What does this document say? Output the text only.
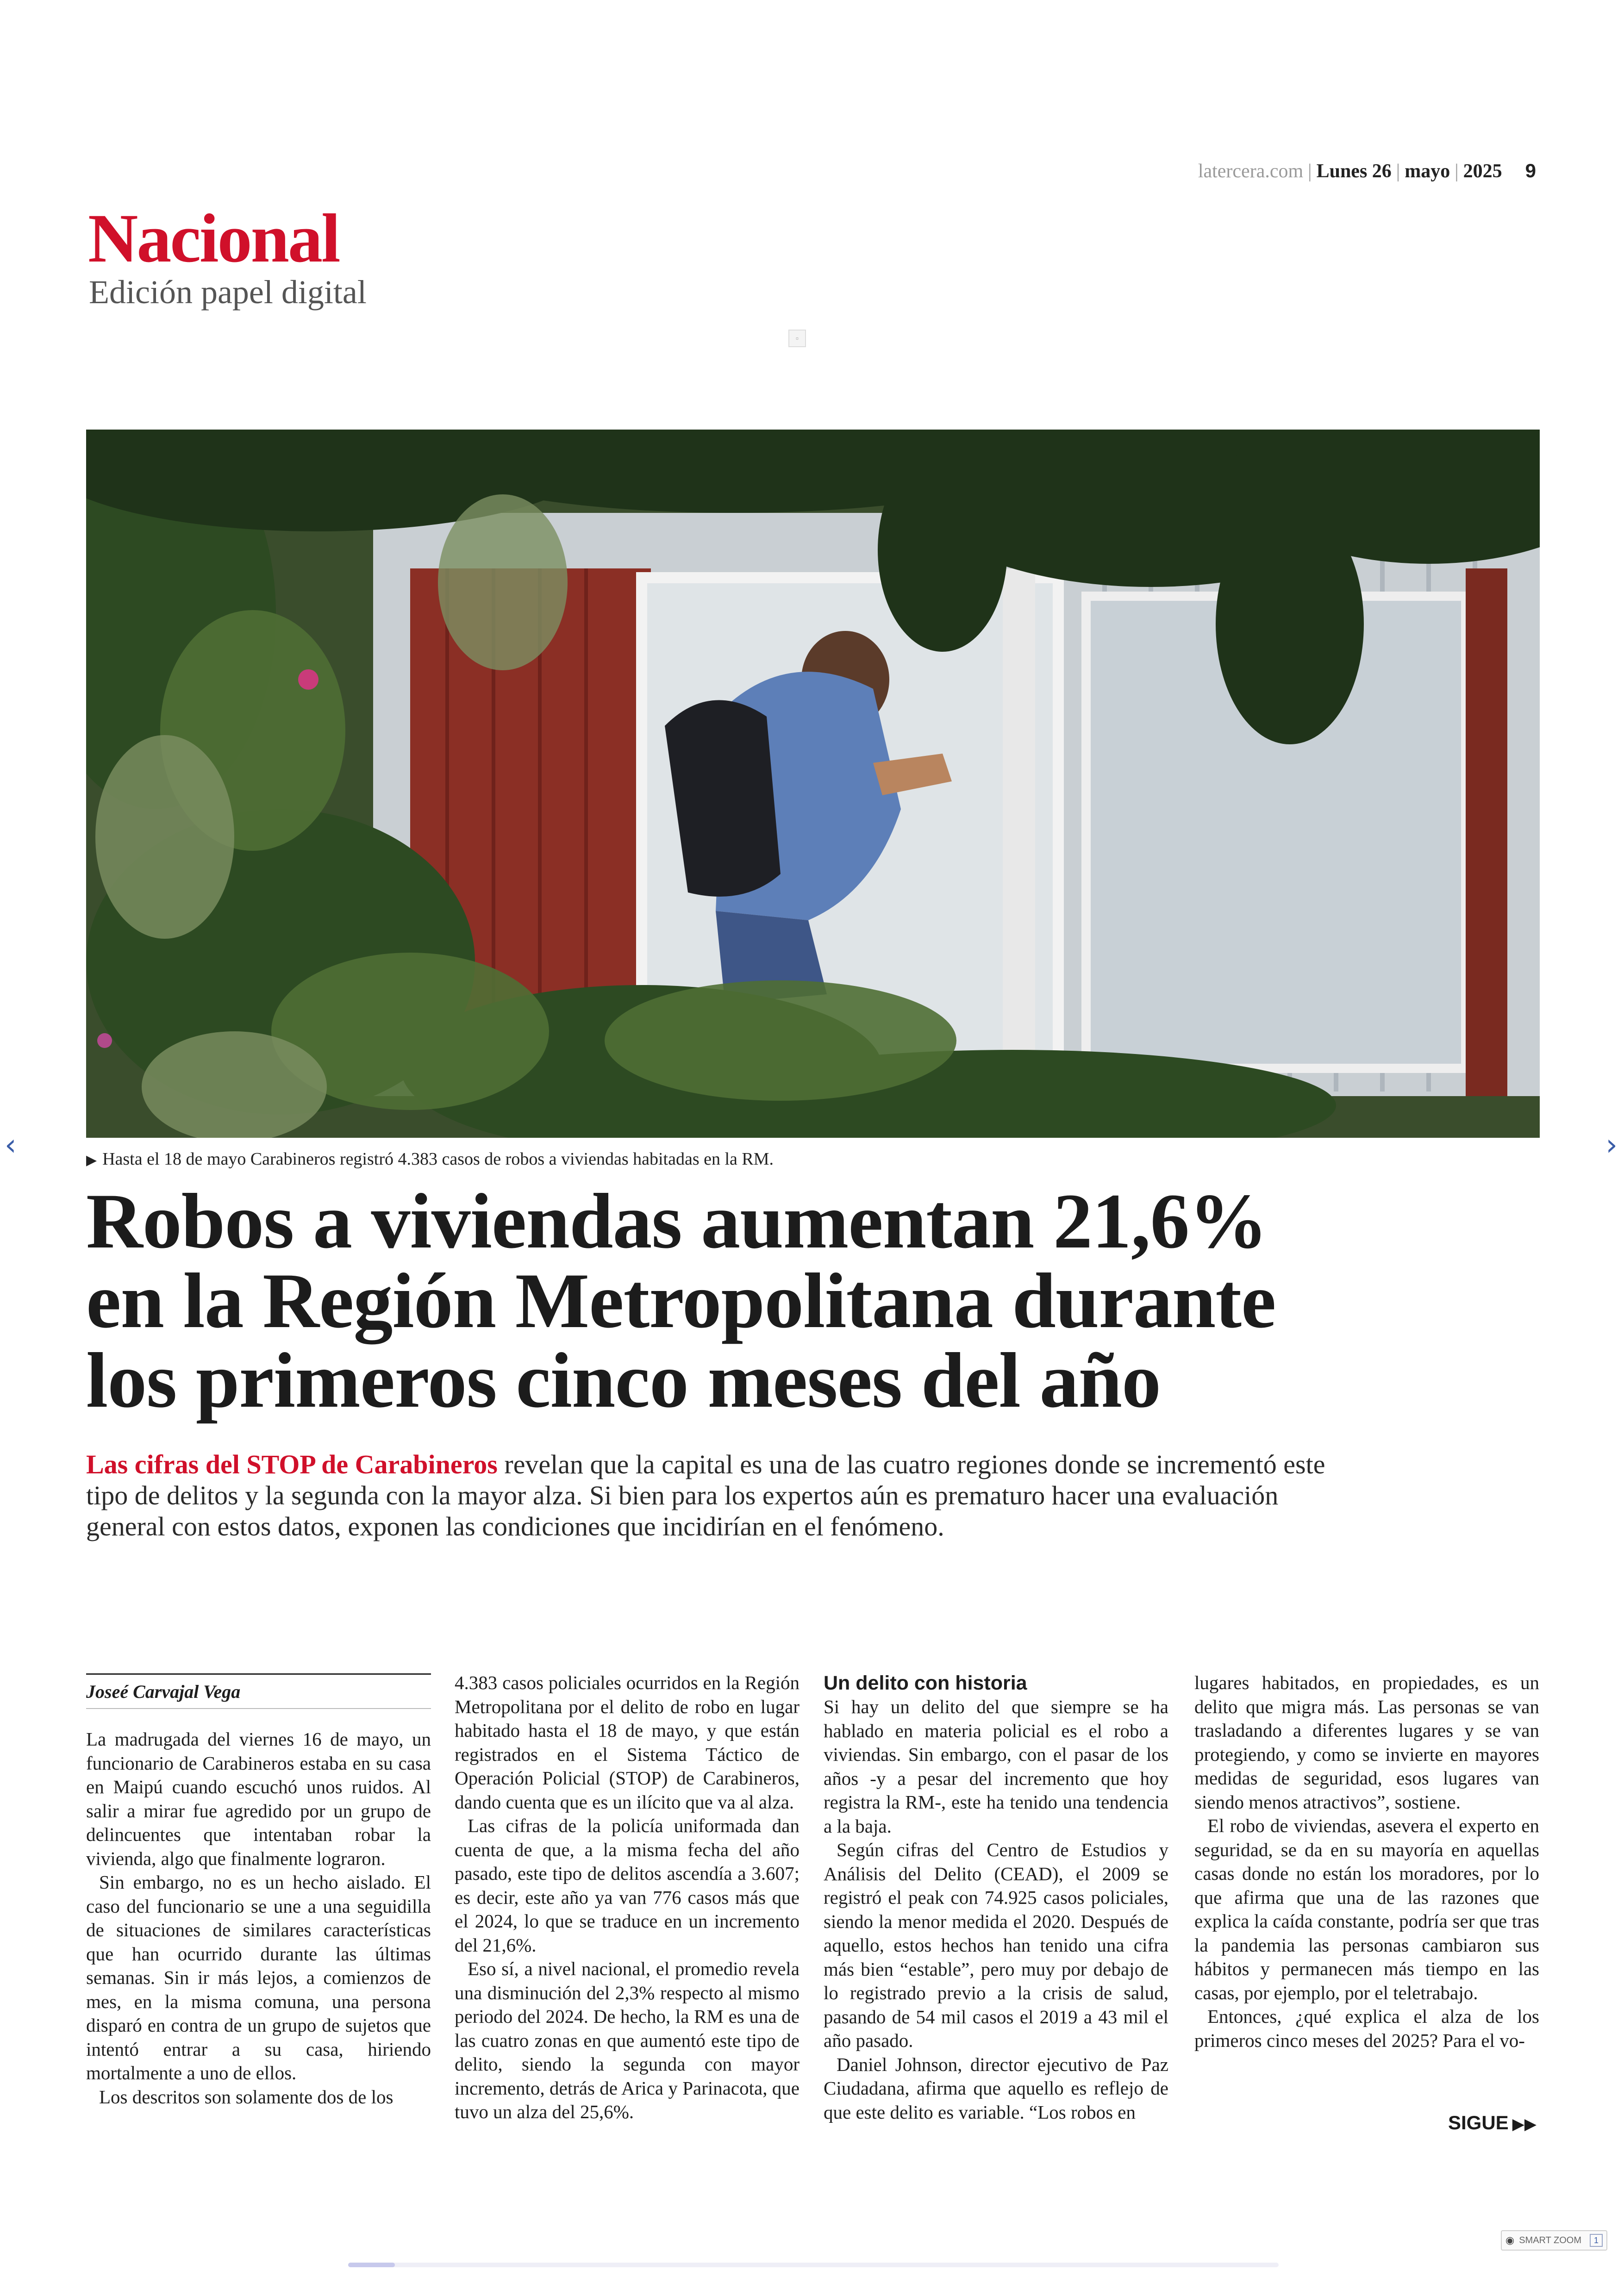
latercera.com | Lunes 26 | mayo | 2025 9
Nacional
Edición papel digital
▫
▶ Hasta el 18 de mayo Carabineros registró 4.383 casos de robos a viviendas habitadas en la RM.
‹	›
Robos a viviendas aumentan 21,6%
en la Región Metropolitana durante
los primeros cinco meses del año

Las cifras del STOP de Carabineros revelan que la capital es una de las cuatro regiones donde se incrementó este tipo de delitos y la segunda con la mayor alza. Si bien para los expertos aún es prematuro hacer una evaluación general con estos datos, exponen las condiciones que incidirían en el fenómeno.

Joseé Carvajal Vega

La madrugada del viernes 16 de mayo, un funcionario de Carabineros estaba en su casa en Maipú cuando escuchó unos ruidos. Al salir a mirar fue agredido por un grupo de delincuentes que intentaban robar la vivienda, algo que finalmente lograron.

Sin embargo, no es un hecho aislado. El caso del funcionario se une a una seguidilla de situaciones de similares características que han ocurrido durante las últimas semanas. Sin ir más lejos, a comienzos de mes, en la misma comuna, una persona disparó en contra de un grupo de sujetos que intentó entrar a su casa, hiriendo mortalmente a uno de ellos.

Los descritos son solamente dos de los

4.383 casos policiales ocurridos en la Región Metropolitana por el delito de robo en lugar habitado hasta el 18 de mayo, y que están registrados en el Sistema Táctico de Operación Policial (STOP) de Carabineros, dando cuenta que es un ilícito que va al alza.

Las cifras de la policía uniformada dan cuenta de que, a la misma fecha del año pasado, este tipo de delitos ascendía a 3.607; es decir, este año ya van 776 casos más que el 2024, lo que se traduce en un incremento del 21,6%.

Eso sí, a nivel nacional, el promedio revela una disminución del 2,3% respecto al mismo periodo del 2024. De hecho, la RM es una de las cuatro zonas en que aumentó este tipo de delito, siendo la segunda con mayor incremento, detrás de Arica y Parinacota, que tuvo un alza del 25,6%.

Un delito con historia

Si hay un delito del que siempre se ha hablado en materia policial es el robo a viviendas. Sin embargo, con el pasar de los años -y a pesar del incremento que hoy registra la RM-, este ha tenido una tendencia a la baja.

Según cifras del Centro de Estudios y Análisis del Delito (CEAD), el 2009 se registró el peak con 74.925 casos policiales, siendo la menor medida el 2020. Después de aquello, estos hechos han tenido una cifra más bien “estable”, pero muy por debajo de lo registrado previo a la crisis de salud, pasando de 54 mil casos el 2019 a 43 mil el año pasado.

Daniel Johnson, director ejecutivo de Paz Ciudadana, afirma que aquello es reflejo de que este delito es variable. “Los robos en

lugares habitados, en propiedades, es un delito que migra más. Las personas se van trasladando a diferentes lugares y se van protegiendo, y como se invierte en mayores medidas de seguridad, esos lugares van siendo menos atractivos”, sostiene.

El robo de viviendas, asevera el experto en seguridad, se da en su mayoría en aquellas casas donde no están los moradores, por lo que afirma que una de las razones que explica la caída constante, podría ser que tras la pandemia las personas cambiaron sus hábitos y permanecen más tiempo en las casas, por ejemplo, por el teletrabajo.

Entonces, ¿qué explica el alza de los primeros cinco meses del 2025? Para el vo-

SIGUE ▶▶
◉ SMART ZOOM	1
